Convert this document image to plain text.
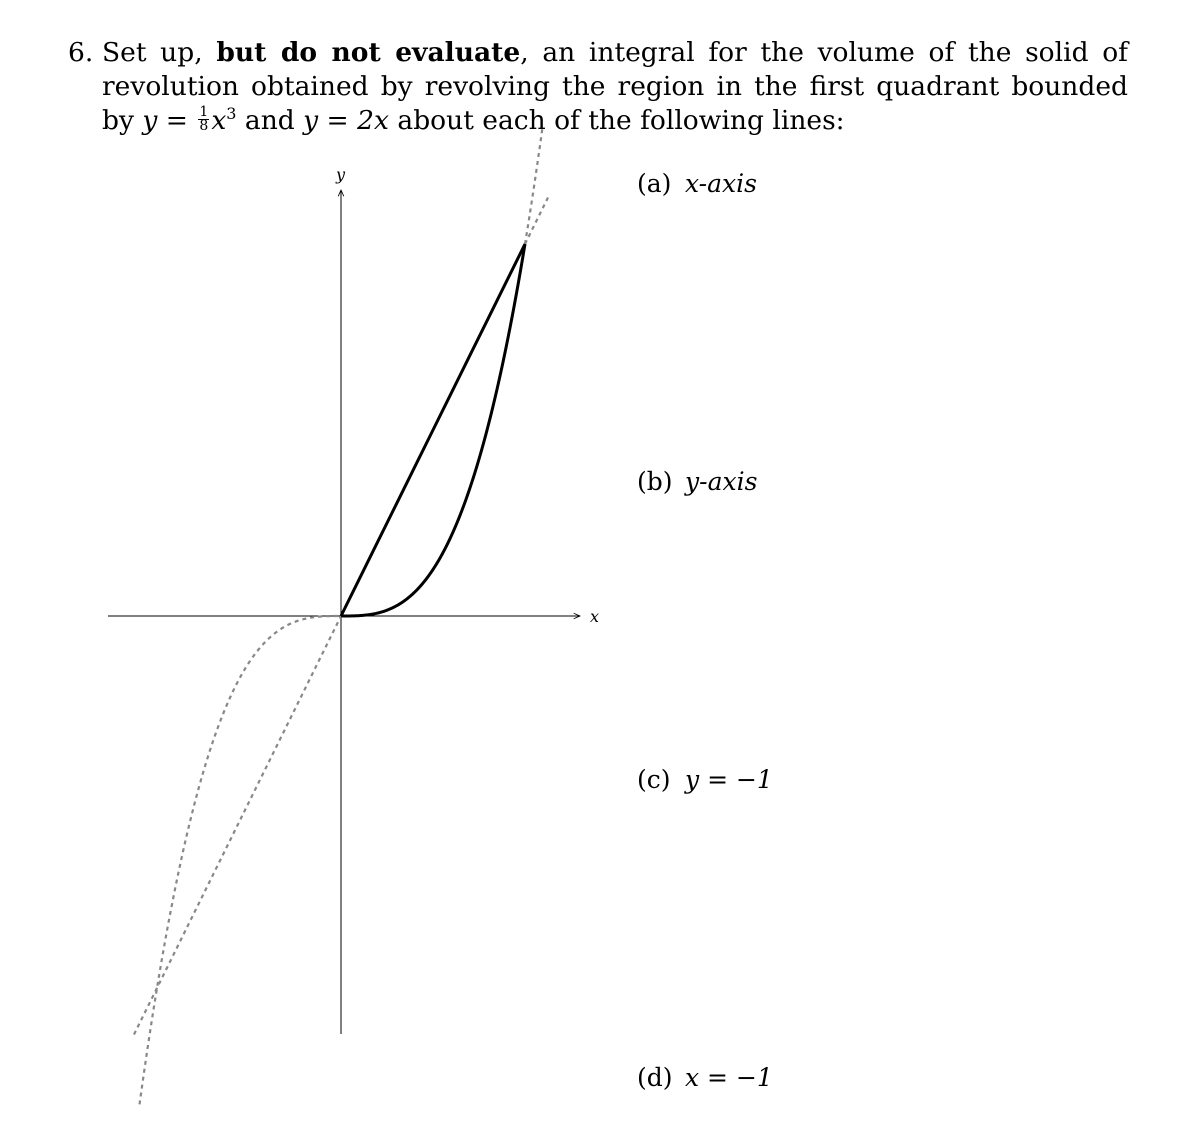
6. Set up, but do not evaluate, an integral for the volume of the solid of revolution obtained by revolving the region in the first quadrant bounded by $y = \frac{1}{8} x^3$ and y = 2x about each of the following lines:
x
y	(a) x-axis
(b) y-axis
(c) y = −1
(d) x = −1
